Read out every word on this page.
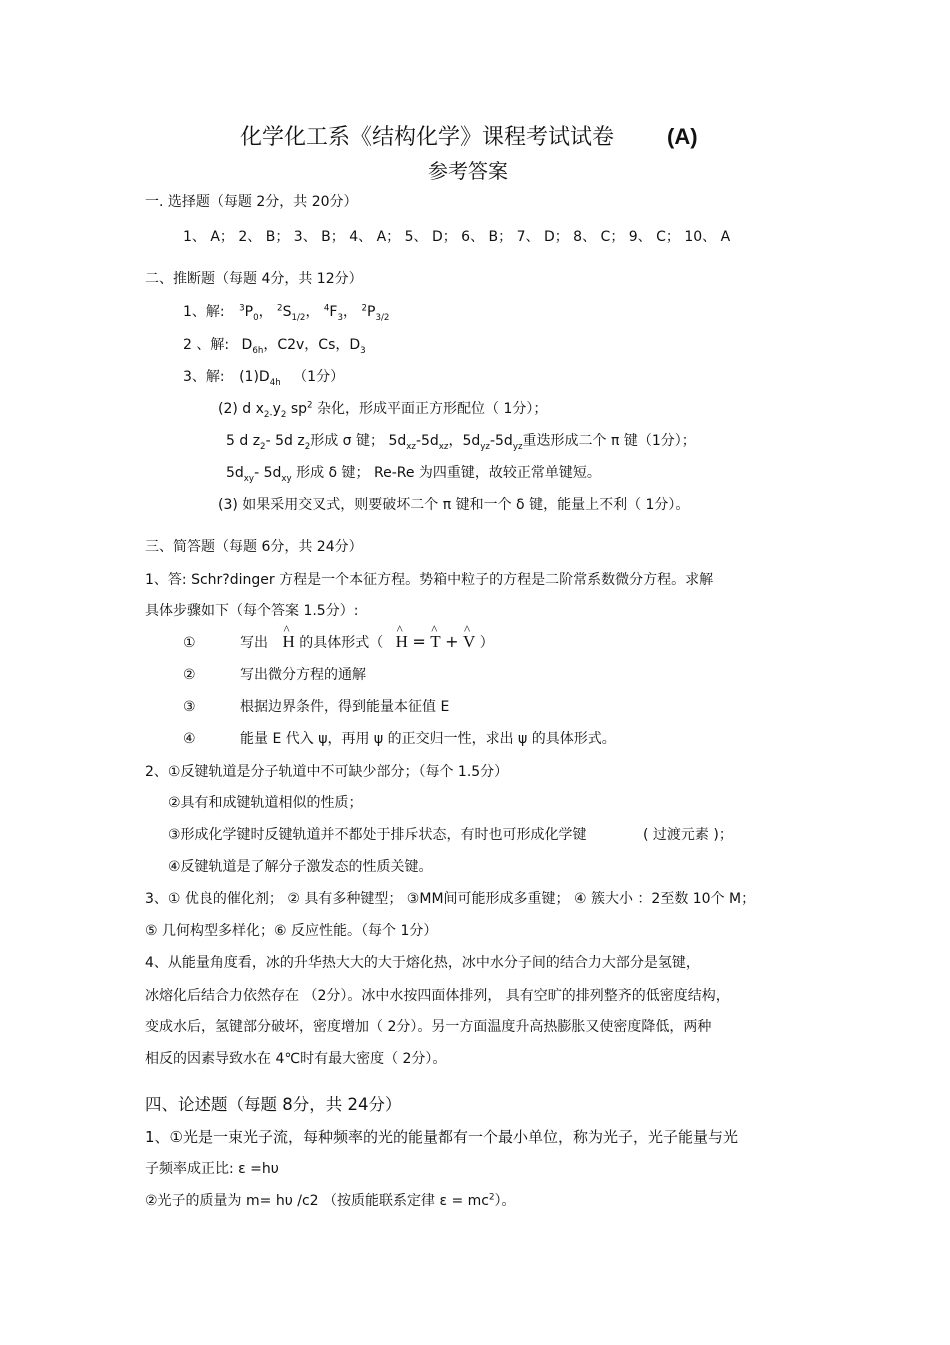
化学化工系《结构化学》课程考试试卷 (A)
参考答案
一. 选择题（每题 2分，共 20分）
1、 A； 2、 B； 3、 B； 4、 A； 5、 D； 6、 B； 7、 D； 8、 C； 9、 C； 10、 A
二、推断题（每题 4分，共 12分）
1、解: $^3P_0$， $^2S_{1/2}$， $^4F_3$， $^2P_{3/2}$
2 、解: $D_{6h}$，C2v，Cs，$D_3$
3、解: $(1)D_{4h}$ （1分）
(2) d $x_{2-}y_2$ $sp^2$ 杂化，形成平面正方形配位（ 1分）；
5 d $z_2-$ 5d $z_2$形成 σ 键； $5d_{xz}-5d_{xz}$，$5d_{yz}-5d_{yz}$重迭形成二个 π 键（1分）；
$5d_{xy}-$ $5d_{xy}$ 形成 δ 键； Re-Re 为四重键，故较正常单键短。
(3) 如果采用交叉式，则要破坏二个 π 键和一个 δ 键，能量上不利（ 1分）。
三、简答题（每题 6分，共 24分）
1、答: Schr?dinger 方程是一个本征方程。势箱中粒子的方程是二阶常系数微分方程。求解
具体步骤如下（每个答案 1.5分）:
①	写出 ^ H 的具体形式（ ^ H = ^ T + ^ V ）
②	写出微分方程的通解
③	根据边界条件，得到能量本征值 E
④	能量 E 代入 ψ，再用 ψ 的正交归一性，求出 ψ 的具体形式。
2、①反键轨道是分子轨道中不可缺少部分；（每个 1.5分）
②具有和成键轨道相似的性质；
③形成化学键时反键轨道并不都处于排斥状态，有时也可形成化学键	( 过渡元素 )；
④反键轨道是了解分子激发态的性质关键。
3、① 优良的催化剂； ② 具有多种键型； ③MM间可能形成多重键； ④ 簇大小 ：2至数 10个 M；
⑤ 几何构型多样化；⑥ 反应性能。（每个 1分）
4、从能量角度看，冰的升华热大大的大于熔化热，冰中水分子间的结合力大部分是氢键，
冰熔化后结合力依然存在 （2分）。冰中水按四面体排列， 具有空旷的排列整齐的低密度结构，
变成水后，氢键部分破坏，密度增加（ 2分）。另一方面温度升高热膨胀又使密度降低，两种
相反的因素导致水在 4℃时有最大密度（ 2分）。
四、论述题（每题 8分，共 24分）
1、①光是一束光子流，每种频率的光的能量都有一个最小单位，称为光子，光子能量与光
子频率成正比: ε =hυ
②光子的质量为 m= hυ /c2 （按质能联系定律 $\varepsilon = mc^2$）。
